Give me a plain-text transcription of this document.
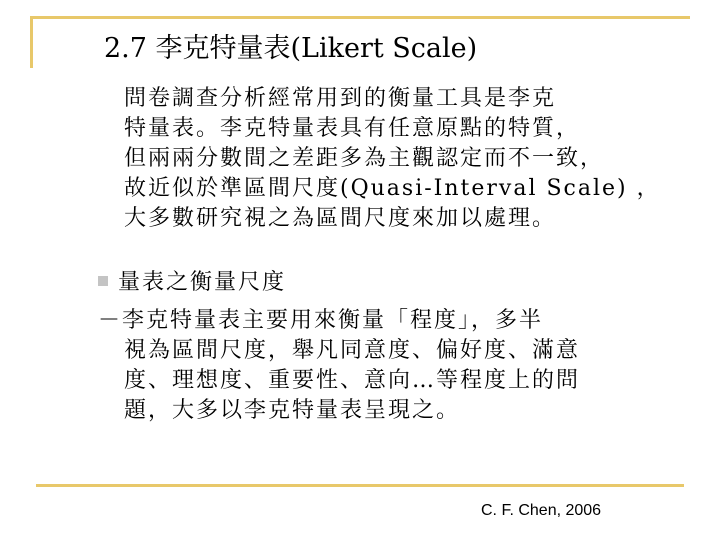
2.7 李克特量表(Likert Scale)
問卷調查分析經常用到的衡量工具是李克
特量表。李克特量表具有任意原點的特質，
但兩兩分數間之差距多為主觀認定而不一致，
故近似於準區間尺度(Quasi-Interval Scale) ，
大多數研究視之為區間尺度來加以處理。
量表之衡量尺度
－李克特量表主要用來衡量「程度」，多半
視為區間尺度，舉凡同意度、偏好度、滿意
度、理想度、重要性、意向…等程度上的問
題，大多以李克特量表呈現之。
C. F. Chen, 2006
